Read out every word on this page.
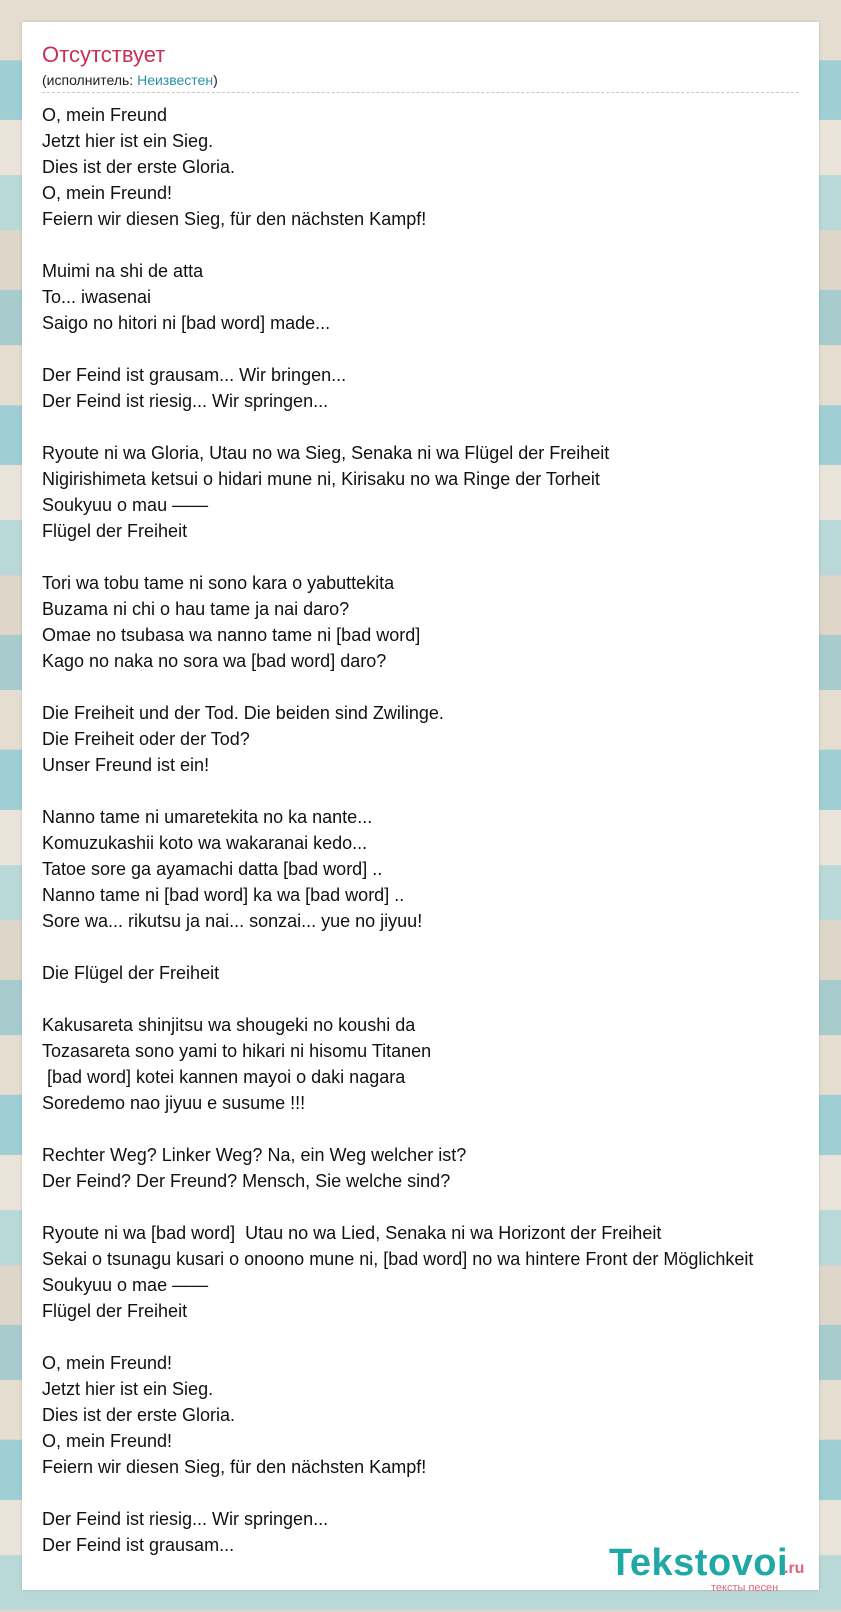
Отсутствует
(исполнитель: Неизвестен)
O, mein Freund
Jetzt hier ist ein Sieg.
Dies ist der erste Gloria.
O, mein Freund!
Feiern wir diesen Sieg, für den nächsten Kampf!

Muimi na shi de atta
To... iwasenai
Saigo no hitori ni [bad word] made...

Der Feind ist grausam... Wir bringen...
Der Feind ist riesig... Wir springen...

Ryoute ni wa Gloria, Utau no wa Sieg, Senaka ni wa Flügel der Freiheit
Nigirishimeta ketsui o hidari mune ni, Kirisaku no wa Ringe der Torheit
Soukyuu o mau ——
Flügel der Freiheit

Tori wa tobu tame ni sono kara o yabuttekita
Buzama ni chi o hau tame ja nai daro?
Omae no tsubasa wa nanno tame ni [bad word]
Kago no naka no sora wa [bad word] daro?

Die Freiheit und der Tod. Die beiden sind Zwilinge.
Die Freiheit oder der Tod?
Unser Freund ist ein!

Nanno tame ni umaretekita no ka nante...
Komuzukashii koto wa wakaranai kedo...
Tatoe sore ga ayamachi datta [bad word] ..
Nanno tame ni [bad word] ka wa [bad word] ..
Sore wa... rikutsu ja nai... sonzai... yue no jiyuu!

Die Flügel der Freiheit

Kakusareta shinjitsu wa shougeki no koushi da
Tozasareta sono yami to hikari ni hisomu Titanen
[bad word] kotei kannen mayoi o daki nagara
Soredemo nao jiyuu e susume !!!

Rechter Weg? Linker Weg? Na, ein Weg welcher ist?
Der Feind? Der Freund? Mensch, Sie welche sind?

Ryoute ni wa [bad word]  Utau no wa Lied, Senaka ni wa Horizont der Freiheit
Sekai o tsunagu kusari o onoono mune ni, [bad word] no wa hintere Front der Möglichkeit
Soukyuu o mae ——
Flügel der Freiheit

O, mein Freund!
Jetzt hier ist ein Sieg.
Dies ist der erste Gloria.
O, mein Freund!
Feiern wir diesen Sieg, für den nächsten Kampf!

Der Feind ist riesig... Wir springen...
Der Feind ist grausam...	Tekstovoi
.ru
тексты песен
